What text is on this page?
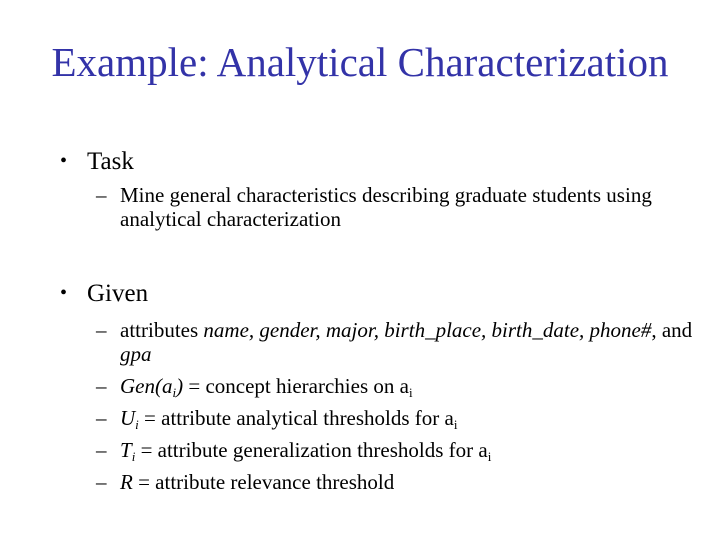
Example: Analytical Characterization
• Task
– Mine general characteristics describing graduate students using analytical characterization
• Given
– attributes name, gender, major, birth_place, birth_date, phone#, and gpa
– $Gen(a_i)$ = concept hierarchies on $a_i$
– $U_i$ = attribute analytical thresholds for $a_i$
– $T_i$ = attribute generalization thresholds for $a_i$
– R = attribute relevance threshold
